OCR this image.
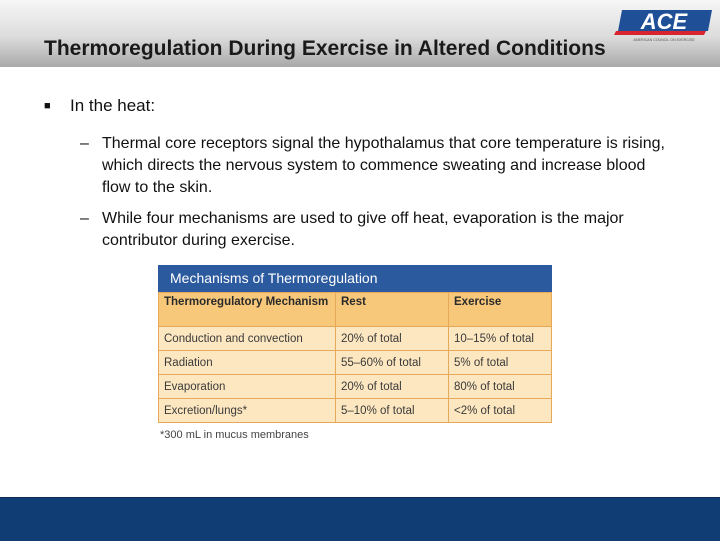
Thermoregulation During Exercise in Altered Conditions
ACE
AMERICAN COUNCIL ON EXERCISE
■ In the heat:
– Thermal core receptors signal the hypothalamus that core temperature is rising, which directs the nervous system to commence sweating and increase blood flow to the skin.
– While four mechanisms are used to give off heat, evaporation is the major contributor during exercise.
Mechanisms of Thermoregulation
Thermoregulatory Mechanism	Rest	Exercise
Conduction and convection	20% of total	10–15% of total
Radiation	55–60% of total	5% of total
Evaporation	20% of total	80% of total
Excretion/lungs*	5–10% of total	<2% of total
*300 mL in mucus membranes
